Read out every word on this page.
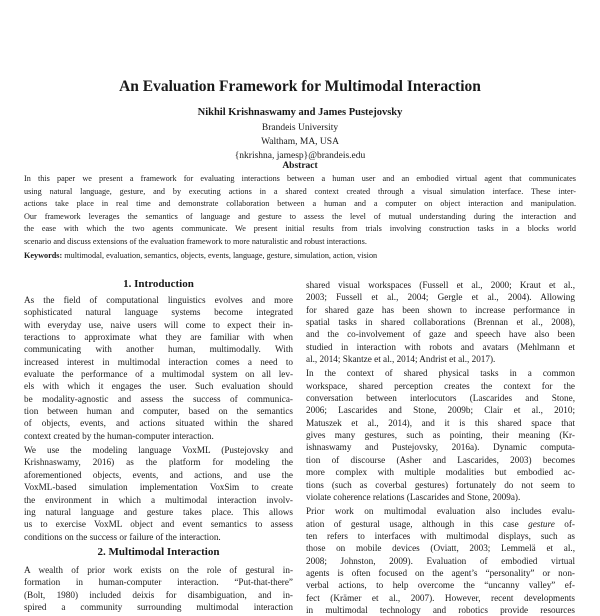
An Evaluation Framework for Multimodal Interaction
Nikhil Krishnaswamy and James Pustejovsky
Brandeis University
Waltham, MA, USA
{nkrishna, jamesp}@brandeis.edu
Abstract
In this paper we present a framework for evaluating interactions between a human user and an embodied virtual agent that communicates
using natural language, gesture, and by executing actions in a shared context created through a visual simulation interface. These inter-
actions take place in real time and demonstrate collaboration between a human and a computer on object interaction and manipulation.
Our framework leverages the semantics of language and gesture to assess the level of mutual understanding during the interaction and
the ease with which the two agents communicate. We present initial results from trials involving construction tasks in a blocks world
scenario and discuss extensions of the evaluation framework to more naturalistic and robust interactions.
Keywords: multimodal, evaluation, semantics, objects, events, language, gesture, simulation, action, vision
1. Introduction
As the field of computational linguistics evolves and more
sophisticated natural language systems become integrated
with everyday use, naive users will come to expect their in-
teractions to approximate what they are familiar with when
communicating with another human, multimodally. With
increased interest in multimodal interaction comes a need to
evaluate the performance of a multimodal system on all lev-
els with which it engages the user. Such evaluation should
be modality-agnostic and assess the success of communica-
tion between human and computer, based on the semantics
of objects, events, and actions situated within the shared
context created by the human-computer interaction.
We use the modeling language VoxML (Pustejovsky and
Krishnaswamy, 2016) as the platform for modeling the
aforementioned objects, events, and actions, and use the
VoxML-based simulation implementation VoxSim to create
the environment in which a multimodal interaction involv-
ing natural language and gesture takes place. This allows
us to exercise VoxML object and event semantics to assess
conditions on the success or failure of the interaction.
2. Multimodal Interaction
A wealth of prior work exists on the role of gestural in-
formation in human-computer interaction. “Put-that-there”
(Bolt, 1980) included deixis for disambiguation, and in-
spired a community surrounding multimodal interaction
shared visual workspaces (Fussell et al., 2000; Kraut et al.,
2003; Fussell et al., 2004; Gergle et al., 2004). Allowing
for shared gaze has been shown to increase performance in
spatial tasks in shared collaborations (Brennan et al., 2008),
and the co-involvement of gaze and speech have also been
studied in interaction with robots and avatars (Mehlmann et
al., 2014; Skantze et al., 2014; Andrist et al., 2017).
In the context of shared physical tasks in a common
workspace, shared perception creates the context for the
conversation between interlocutors (Lascarides and Stone,
2006; Lascarides and Stone, 2009b; Clair et al., 2010;
Matuszek et al., 2014), and it is this shared space that
gives many gestures, such as pointing, their meaning (Kr-
ishnaswamy and Pustejovsky, 2016a). Dynamic computa-
tion of discourse (Asher and Lascarides, 2003) becomes
more complex with multiple modalities but embodied ac-
tions (such as coverbal gestures) fortunately do not seem to
violate coherence relations (Lascarides and Stone, 2009a).
Prior work on multimodal evaluation also includes evalu-
ation of gestural usage, although in this case gesture of-
ten refers to interfaces with multimodal displays, such as
those on mobile devices (Oviatt, 2003; Lemmelä et al.,
2008; Johnston, 2009). Evaluation of embodied virtual
agents is often focused on the agent’s “personality” or non-
verbal actions, to help overcome the “uncanny valley” ef-
fect (Krämer et al., 2007). However, recent developments
in multimodal technology and robotics provide resources
